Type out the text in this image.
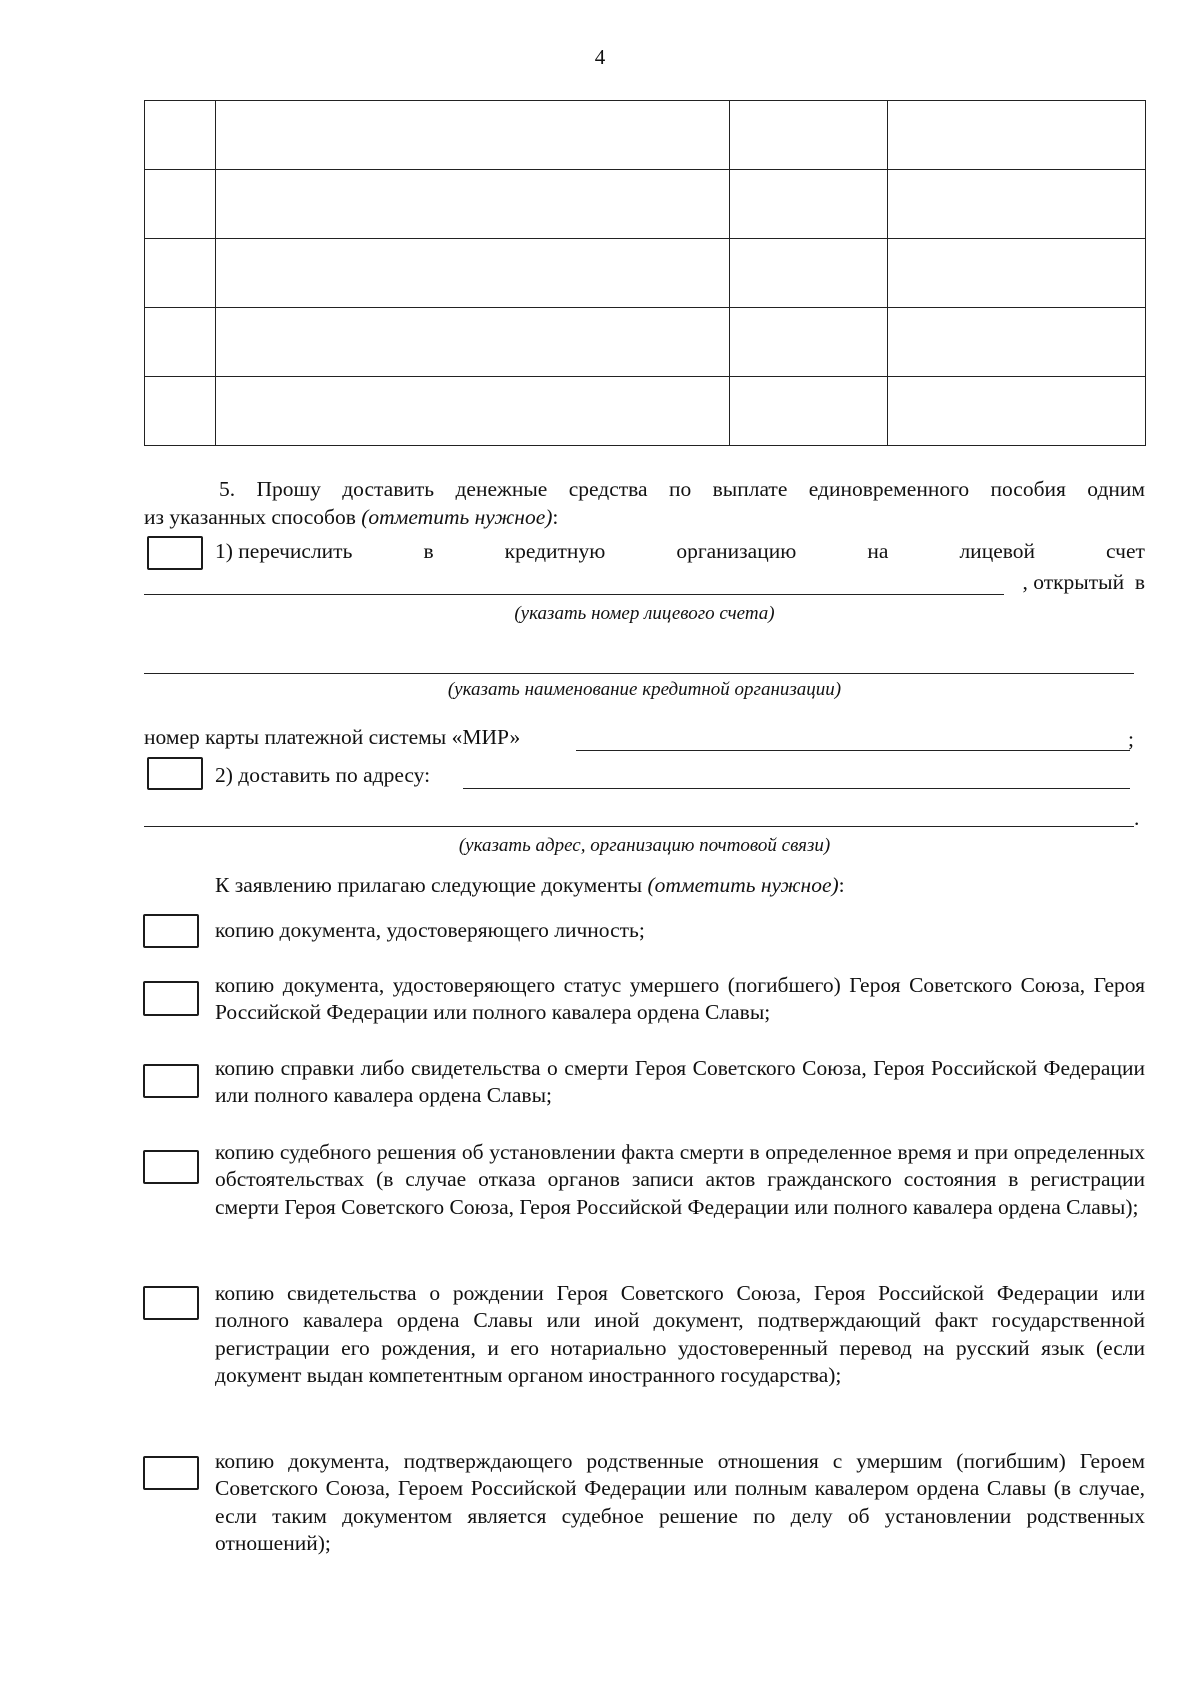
4

5. Прошу доставить денежные средства по выплате единовременного пособия одним
из указанных способов (отметить нужное):
1) перечислить	в	кредитную	организацию	на	лицевой	счет
, открытый  в
(указать номер лицевого счета)
(указать наименование кредитной организации)
номер карты платежной системы «МИР»	;
2) доставить по адресу:
.
(указать адрес, организацию почтовой связи)
К заявлению прилагаю следующие документы (отметить нужное):
копию документа, удостоверяющего личность;
копию документа, удостоверяющего статус умершего (погибшего) Героя Советского Союза, Героя Российской Федерации или полного кавалера ордена Славы;
копию справки либо свидетельства о смерти Героя Советского Союза, Героя Российской Федерации или полного кавалера ордена Славы;
копию судебного решения об установлении факта смерти в определенное время и при определенных обстоятельствах (в случае отказа органов записи актов гражданского состояния в регистрации смерти Героя Советского Союза, Героя Российской Федерации или полного кавалера ордена Славы);
копию свидетельства о рождении Героя Советского Союза, Героя Российской Федерации или полного кавалера ордена Славы или иной документ, подтверждающий факт государственной регистрации его рождения, и его нотариально удостоверенный перевод на русский язык (если документ выдан компетентным органом иностранного государства);
копию документа, подтверждающего родственные отношения с умершим (погибшим) Героем Советского Союза, Героем Российской Федерации или полным кавалером ордена Славы (в случае, если таким документом является судебное решение по делу об установлении родственных отношений);
